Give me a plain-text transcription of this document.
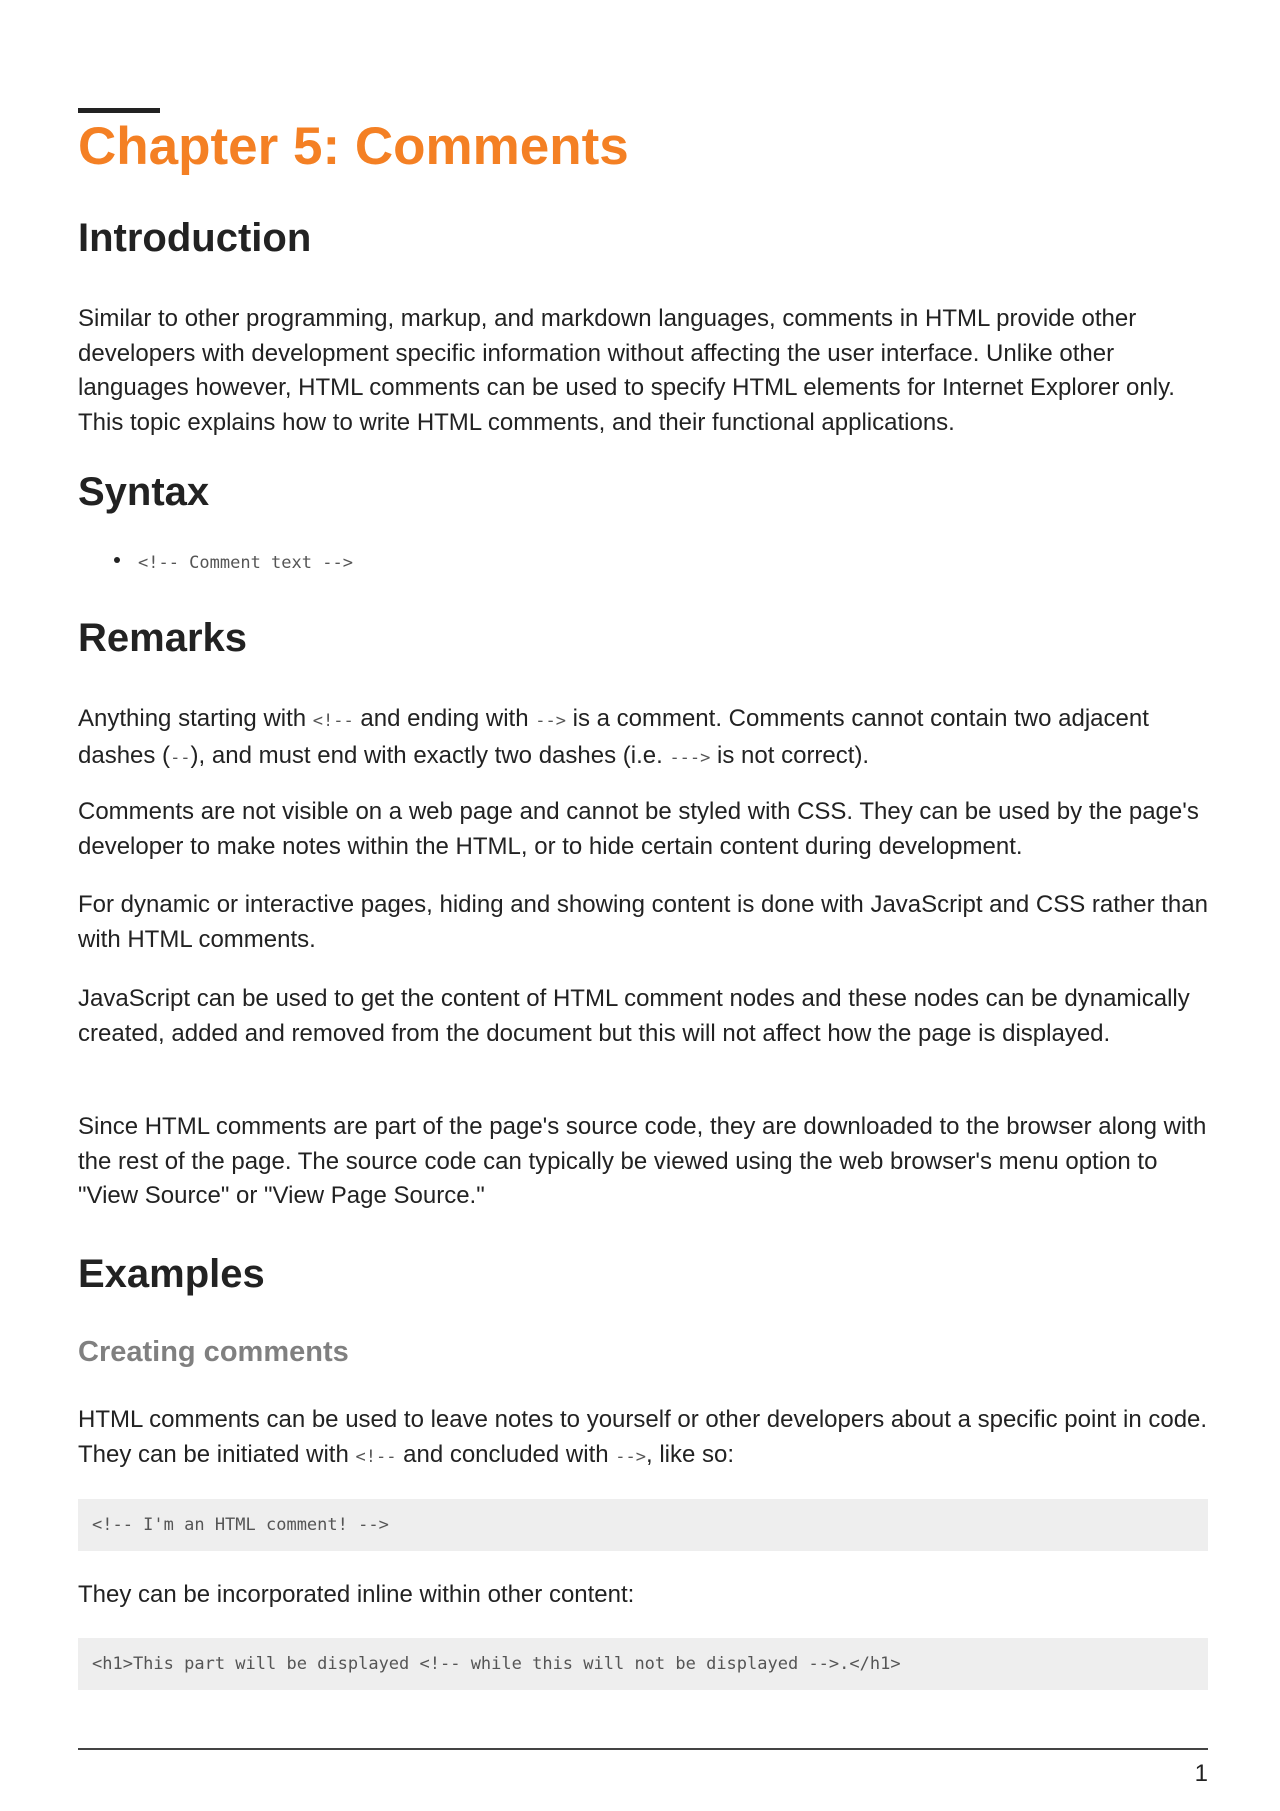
Chapter 5: Comments
Introduction

Similar to other programming, markup, and markdown languages, comments in HTML provide other developers with development specific information without affecting the user interface. Unlike other languages however, HTML comments can be used to specify HTML elements for Internet Explorer only. This topic explains how to write HTML comments, and their functional applications.

Syntax
<!-- Comment text -->
Remarks

Anything starting with <!-- and ending with --> is a comment. Comments cannot contain two adjacent dashes (--), and must end with exactly two dashes (i.e. ---> is not correct).

Comments are not visible on a web page and cannot be styled with CSS. They can be used by the page's developer to make notes within the HTML, or to hide certain content during development.

For dynamic or interactive pages, hiding and showing content is done with JavaScript and CSS rather than with HTML comments.

JavaScript can be used to get the content of HTML comment nodes and these nodes can be dynamically created, added and removed from the document but this will not affect how the page is displayed.

Since HTML comments are part of the page's source code, they are downloaded to the browser along with the rest of the page. The source code can typically be viewed using the web browser's menu option to "View Source" or "View Page Source."

Examples
Creating comments

HTML comments can be used to leave notes to yourself or other developers about a specific point in code. They can be initiated with <!-- and concluded with -->, like so:

<!-- I'm an HTML comment! -->

They can be incorporated inline within other content:

<h1>This part will be displayed <!-- while this will not be displayed -->.</h1>
1
